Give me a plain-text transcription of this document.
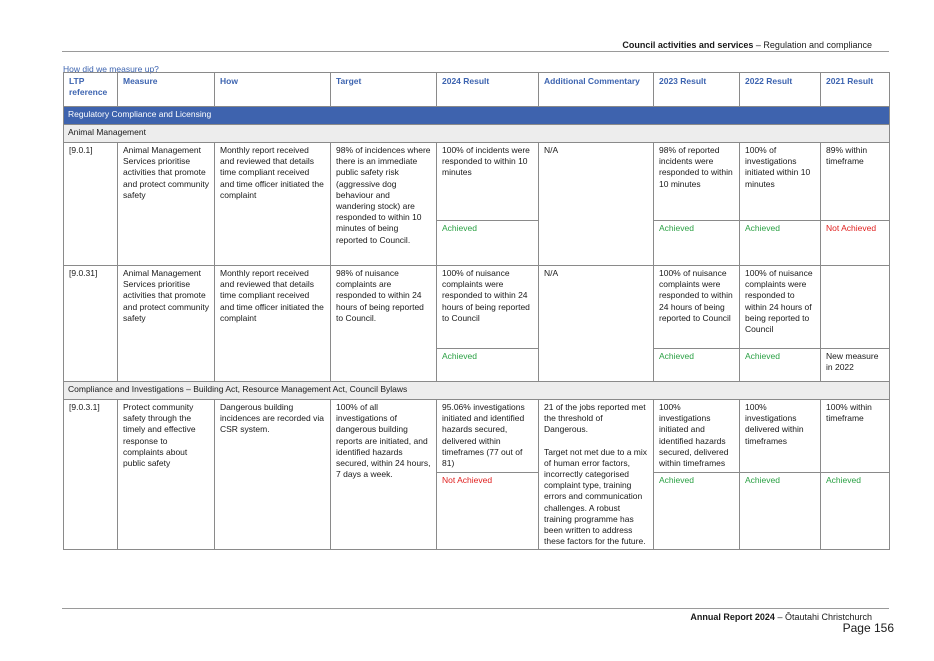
Council activities and services – Regulation and compliance
How did we measure up?
LTP reference	Measure	How	Target	2024 Result	Additional Commentary	2023 Result	2022 Result	2021 Result
Regulatory Compliance and Licensing								
Animal Management								
[9.0.1]	Animal Management Services prioritise activities that promote and protect community safety	Monthly report received and reviewed that details time compliant received and time officer initiated the complaint	98% of incidences where there is an immediate public safety risk (aggressive dog behaviour and wandering stock) are responded to within 10 minutes of being reported to Council.	100% of incidents were responded to within 10 minutes	N/A	98% of reported incidents were responded to within 10 minutes	100% of investigations initiated within 10 minutes	89% within timeframe
				Achieved		Achieved	Achieved	Not Achieved
[9.0.31]	Animal Management Services prioritise activities that promote and protect community safety	Monthly report received and reviewed that details time compliant received and time officer initiated the complaint	98% of nuisance complaints are responded to within 24 hours of being reported to Council.	100% of nuisance complaints were responded to within 24 hours of being reported to Council	N/A	100% of nuisance complaints were responded to within 24 hours of being reported to Council	100% of nuisance complaints were responded to within 24 hours of being reported to Council	
				Achieved		Achieved	Achieved	New measure in 2022
Compliance and Investigations – Building Act, Resource Management Act, Council Bylaws								
[9.0.3.1]	Protect community safety through the timely and effective response to complaints about public safety	Dangerous building incidences are recorded via CSR system.	100% of all investigations of dangerous building reports are initiated, and identified hazards secured, within 24 hours, 7 days a week.	95.06% investigations initiated and identified hazards secured, delivered within timeframes (77 out of 81)	21 of the jobs reported met the threshold of Dangerous.
Target not met due to a mix of human error factors, incorrectly categorised complaint type, training errors and communication challenges. A robust training programme has been written to address these factors for the future.	100% investigations initiated and identified hazards secured, delivered within timeframes	100% investigations delivered within timeframes	100% within timeframe
				Not Achieved		Achieved	Achieved	Achieved
Annual Report 2024 – Ōtautahi Christchurch
Page 156
